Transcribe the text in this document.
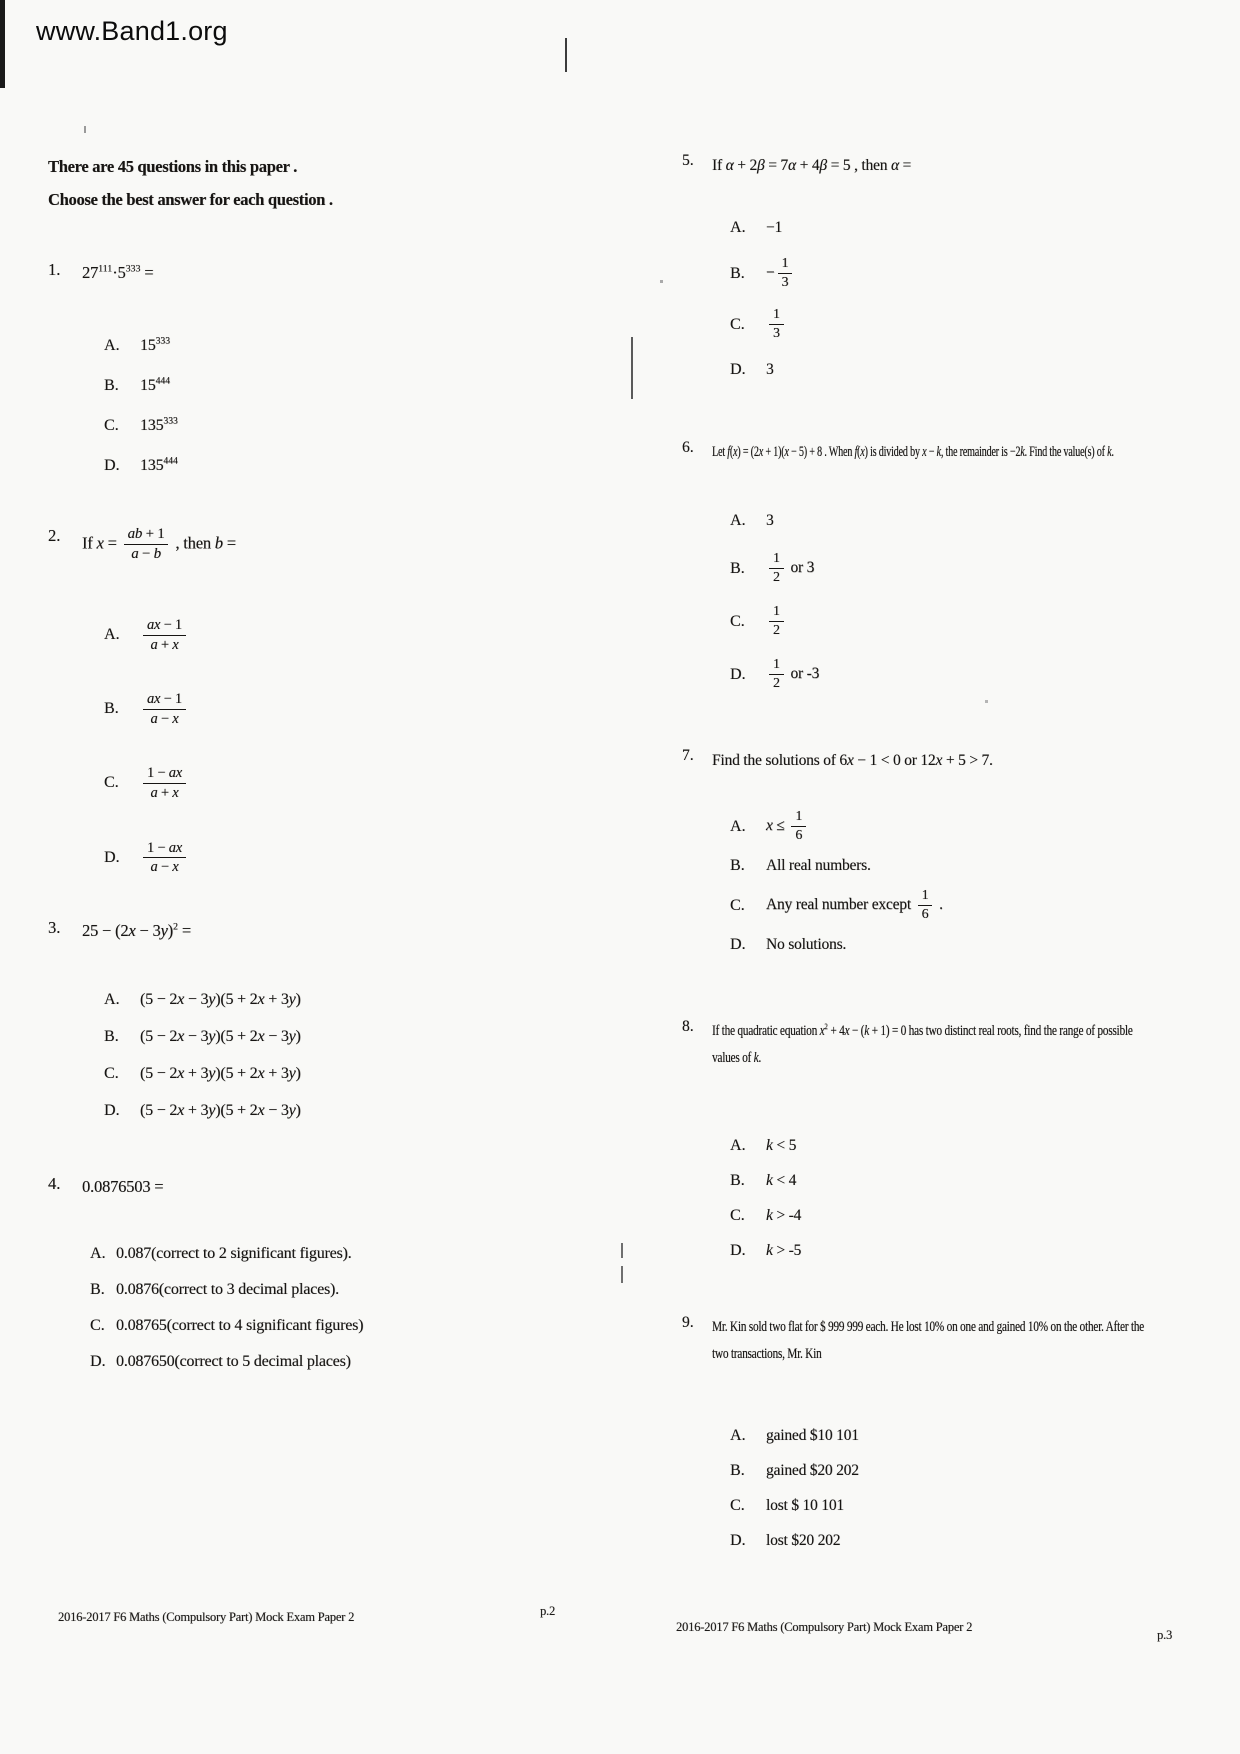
www.Band1.org
There are 45 questions in this paper .
Choose the best answer for each question .
1.	$27^{111}\cdot 5^{333}$ =
A.	$15^{333}$
B.	$15^{444}$
C.	$135^{333}$
D.	$135^{444}$
2.	If $x = \frac{ab + 1}{a - b}$ , then b =
A.	$\frac{ax - 1}{a + x}$
B.	$\frac{ax - 1}{a - x}$
C.	$\frac{1 - ax}{a + x}$
D.	$\frac{1 - ax}{a - x}$
3.	$25 - (2x - 3y)^2$ =
A.	(5 − 2x − 3y)(5 + 2x + 3y)
B.	(5 − 2x − 3y)(5 + 2x − 3y)
C.	(5 − 2x + 3y)(5 + 2x + 3y)
D.	(5 − 2x + 3y)(5 + 2x − 3y)
4.	0.0876503 =
A. 0.087(correct to 2 significant figures).
B. 0.0876(correct to 3 decimal places).
C. 0.08765(correct to 4 significant figures)
D. 0.087650(correct to 5 decimal places)
5.	If α + 2β = 7α + 4β = 5 , then α =
A.	−1
B.	− $\frac{1}{3}$
C.	$\frac{1}{3}$
D.	3
6.	Let f(x) = (2x + 1)(x − 5) + 8 . When f(x) is divided by x − k, the remainder is −2k. Find the value(s) of k.
A.	3
B.	$\frac{1}{2}$ or 3
C.	$\frac{1}{2}$
D.	$\frac{1}{2}$ or -3
7.	Find the solutions of 6x − 1 < 0 or 12x + 5 > 7.
A.	$x \le \frac{1}{6}$
B.	All real numbers.
C.	Any real number except $\frac{1}{6}$ .
D.	No solutions.
8.	If the quadratic equation $x^2 + 4x - (k + 1) = 0$ has two distinct real roots, find the range of possible
values of k.
A.	k < 5
B.	k < 4
C.	k > -4
D.	k > -5
9.	Mr. Kin sold two flat for $ 999 999 each. He lost 10% on one and gained 10% on the other. After the
two transactions, Mr. Kin
A.	gained $10 101
B.	gained $20 202
C.	lost $ 10 101
D.	lost $20 202
2016-2017 F6 Maths (Compulsory Part) Mock Exam Paper 2	p.2
2016-2017 F6 Maths (Compulsory Part) Mock Exam Paper 2
p.3
